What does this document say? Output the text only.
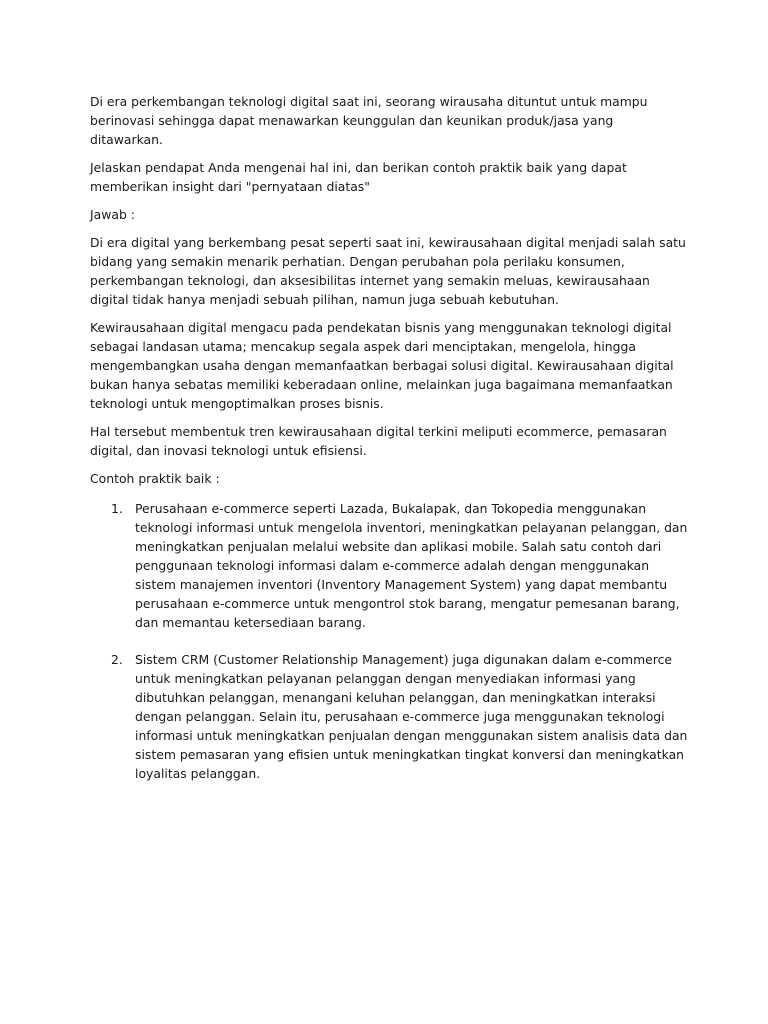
Di era perkembangan teknologi digital saat ini, seorang wirausaha dituntut untuk mampu berinovasi sehingga dapat menawarkan keunggulan dan keunikan produk/jasa yang ditawarkan.

Jelaskan pendapat Anda mengenai hal ini, dan berikan contoh praktik baik yang dapat memberikan insight dari "pernyataan diatas"

Jawab :

Di era digital yang berkembang pesat seperti saat ini, kewirausahaan digital menjadi salah satu bidang yang semakin menarik perhatian. Dengan perubahan pola perilaku konsumen, perkembangan teknologi, dan aksesibilitas internet yang semakin meluas, kewirausahaan digital tidak hanya menjadi sebuah pilihan, namun juga sebuah kebutuhan.

Kewirausahaan digital mengacu pada pendekatan bisnis yang menggunakan teknologi digital sebagai landasan utama; mencakup segala aspek dari menciptakan, mengelola, hingga mengembangkan usaha dengan memanfaatkan berbagai solusi digital. Kewirausahaan digital bukan hanya sebatas memiliki keberadaan online, melainkan juga bagaimana memanfaatkan teknologi untuk mengoptimalkan proses bisnis.

Hal tersebut membentuk tren kewirausahaan digital terkini meliputi ecommerce, pemasaran digital, dan inovasi teknologi untuk efisiensi.

Contoh praktik baik :

1. Perusahaan e-commerce seperti Lazada, Bukalapak, dan Tokopedia menggunakan teknologi informasi untuk mengelola inventori, meningkatkan pelayanan pelanggan, dan meningkatkan penjualan melalui website dan aplikasi mobile. Salah satu contoh dari penggunaan teknologi informasi dalam e-commerce adalah dengan menggunakan sistem manajemen inventori (Inventory Management System) yang dapat membantu perusahaan e-commerce untuk mengontrol stok barang, mengatur pemesanan barang, dan memantau ketersediaan barang.
2. Sistem CRM (Customer Relationship Management) juga digunakan dalam e-commerce untuk meningkatkan pelayanan pelanggan dengan menyediakan informasi yang dibutuhkan pelanggan, menangani keluhan pelanggan, dan meningkatkan interaksi dengan pelanggan. Selain itu, perusahaan e-commerce juga menggunakan teknologi informasi untuk meningkatkan penjualan dengan menggunakan sistem analisis data dan sistem pemasaran yang efisien untuk meningkatkan tingkat konversi dan meningkatkan loyalitas pelanggan.
